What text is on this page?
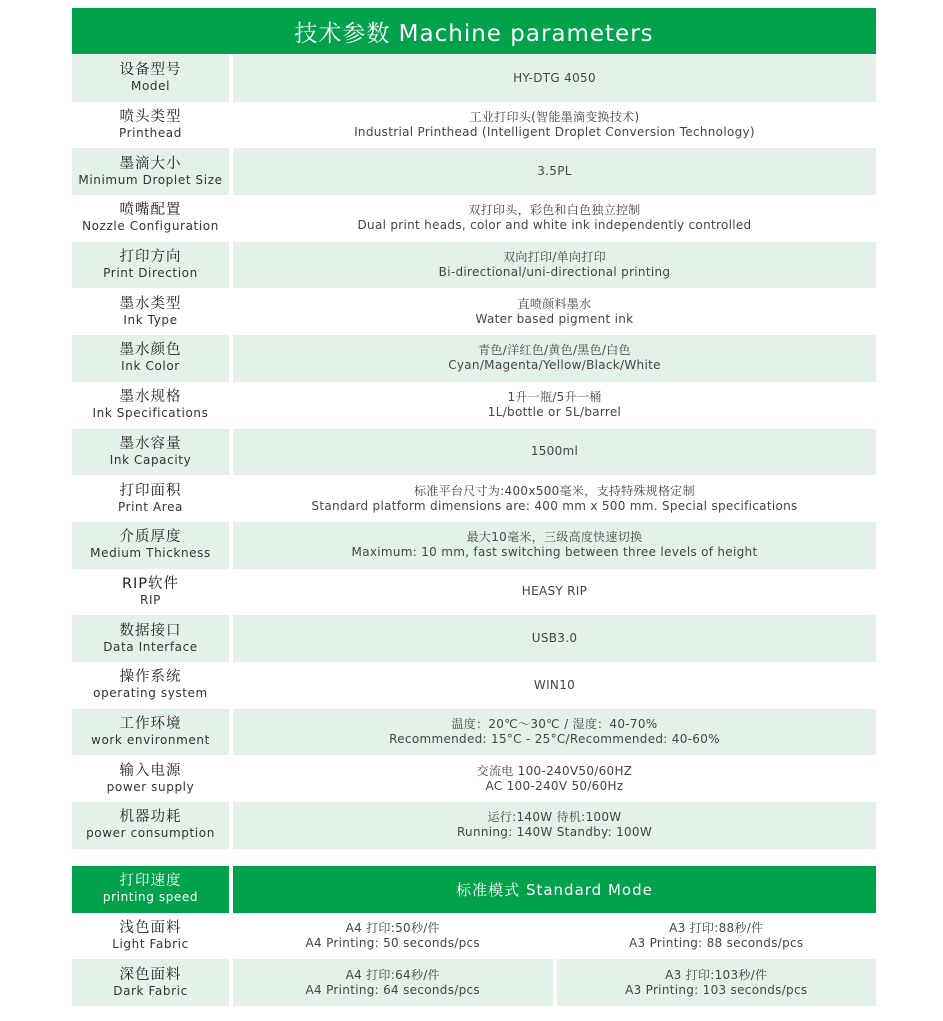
技术参数 Machine parameters
设备型号
Model
HY-DTG 4050
喷头类型
Printhead
工业打印头(智能墨滴变换技术)
Industrial Printhead (Intelligent Droplet Conversion Technology)
墨滴大小
Minimum Droplet Size
3.5PL
喷嘴配置
Nozzle Configuration
双打印头，彩色和白色独立控制
Dual print heads, color and white ink independently controlled
打印方向
Print Direction
双向打印/单向打印
Bi-directional/uni-directional printing
墨水类型
Ink Type
直喷颜料墨水
Water based pigment ink
墨水颜色
Ink Color
青色/洋红色/黄色/黑色/白色
Cyan/Magenta/Yellow/Black/White
墨水规格
Ink Specifications
1升一瓶/5升一桶
1L/bottle or 5L/barrel
墨水容量
Ink Capacity
1500ml
打印面积
Print Area
标准平台尺寸为:400x500毫米，支持特殊规格定制
Standard platform dimensions are: 400 mm x 500 mm. Special specifications
介质厚度
Medium Thickness
最大10毫米，三级高度快速切换
Maximum: 10 mm, fast switching between three levels of height
RIP软件
RIP
HEASY RIP
数据接口
Data Interface
USB3.0
操作系统
operating system
WIN10
工作环境
work environment
温度：20℃～30℃ / 湿度：40-70%
Recommended: 15°C - 25°C/Recommended: 40-60%
输入电源
power supply
交流电 100-240V50/60HZ
AC 100-240V 50/60Hz
机器功耗
power consumption
运行:140W 待机:100W
Running: 140W Standby: 100W
打印速度
printing speed	标准模式 Standard Mode
浅色面料
Light Fabric
A4 打印:50秒/件
A4 Printing: 50 seconds/pcs
A3 打印:88秒/件
A3 Printing: 88 seconds/pcs
深色面料
Dark Fabric
A4 打印:64秒/件
A4 Printing: 64 seconds/pcs
A3 打印:103秒/件
A3 Printing: 103 seconds/pcs
